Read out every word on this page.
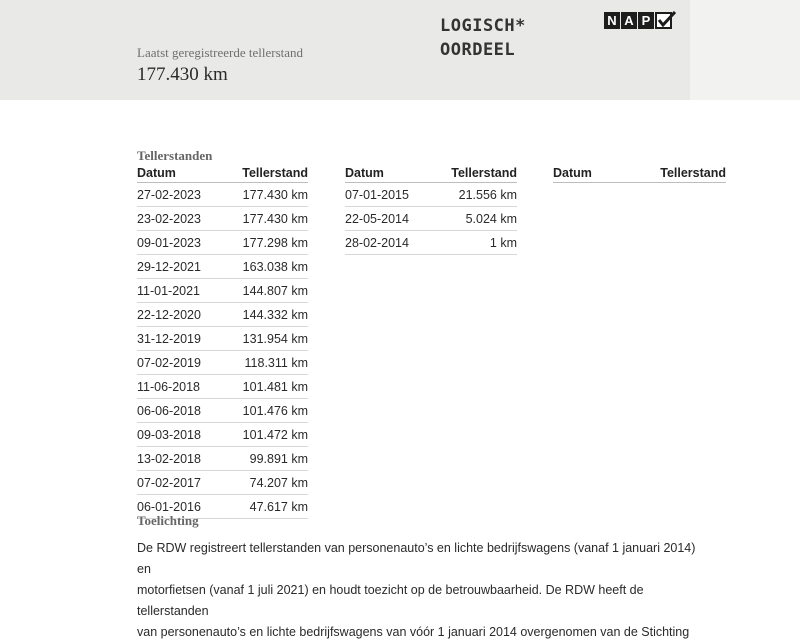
Laatst geregistreerde tellerstand
177.430 km
LOGISCH*
OORDEEL
N A P
Tellerstanden
Datum	Tellerstand
27-02-2023	177.430 km
23-02-2023	177.430 km
09-01-2023	177.298 km
29-12-2021	163.038 km
11-01-2021	144.807 km
22-12-2020	144.332 km
31-12-2019	131.954 km
07-02-2019	118.311 km
11-06-2018	101.481 km
06-06-2018	101.476 km
09-03-2018	101.472 km
13-02-2018	99.891 km
07-02-2017	74.207 km
06-01-2016	47.617 km
Datum	Tellerstand
07-01-2015	21.556 km
22-05-2014	5.024 km
28-02-2014	1 km
Datum	Tellerstand
Toelichting
De RDW registreert tellerstanden van personenauto’s en lichte bedrijfswagens (vanaf 1 januari 2014) en
motorfietsen (vanaf 1 juli 2021) en houdt toezicht op de betrouwbaarheid. De RDW heeft de tellerstanden
van personenauto’s en lichte bedrijfswagens van vóór 1 januari 2014 overgenomen van de Stichting
